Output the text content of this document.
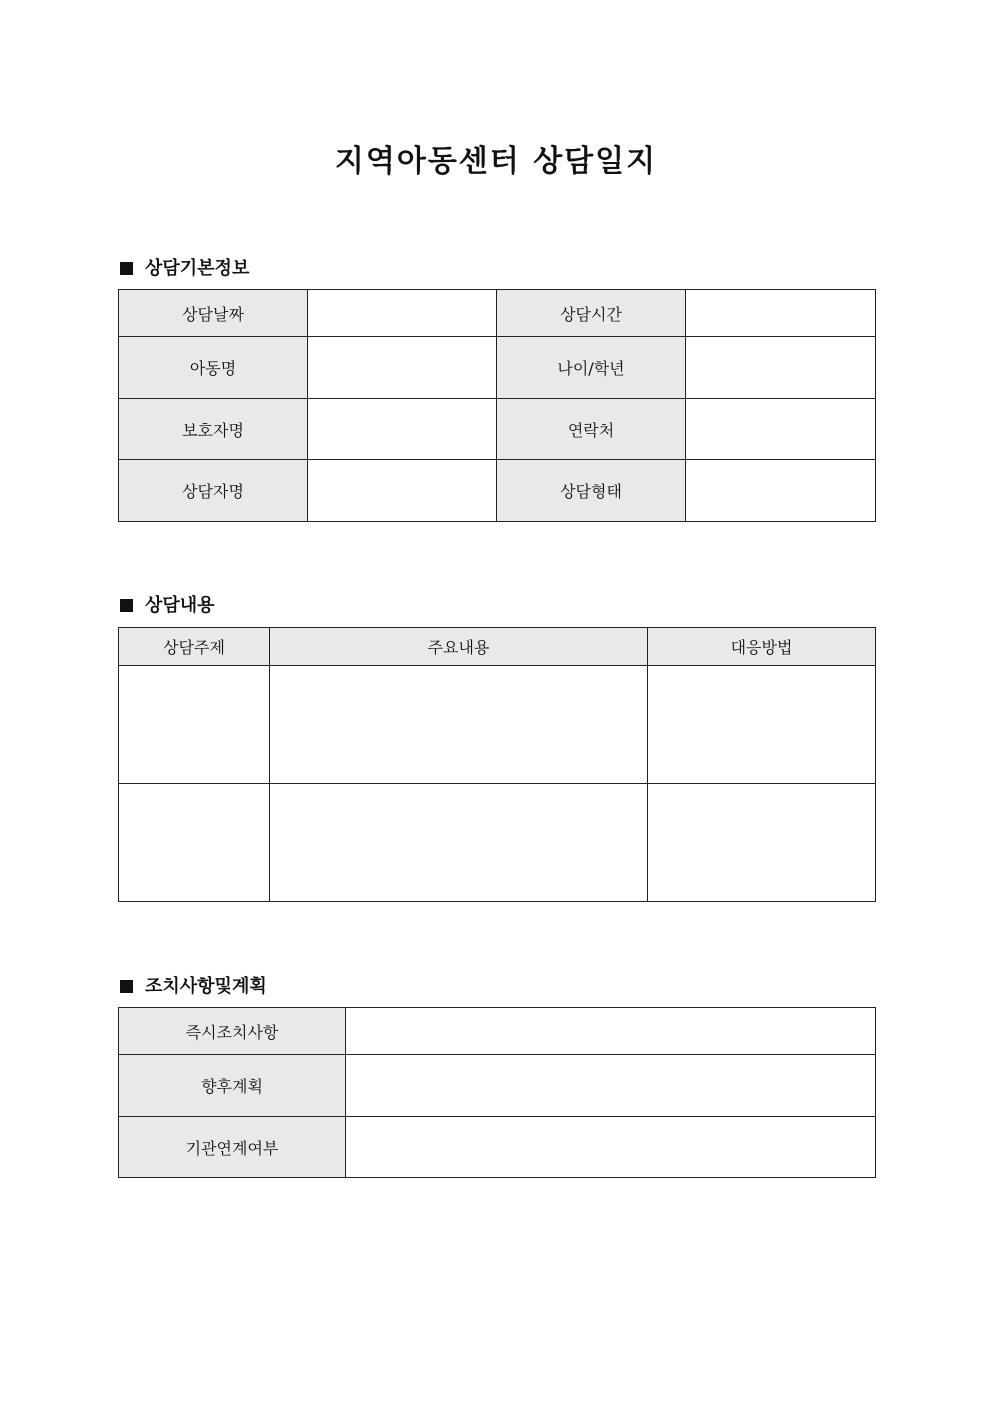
지역아동센터 상담일지
상담기본정보
상담날짜		상담시간	
아동명		나이/학년	
보호자명		연락처	
상담자명		상담형태	
상담내용
상담주제	주요내용	대응방법

조치사항및계획
즉시조치사항	
향후계획	
기관연계여부	
